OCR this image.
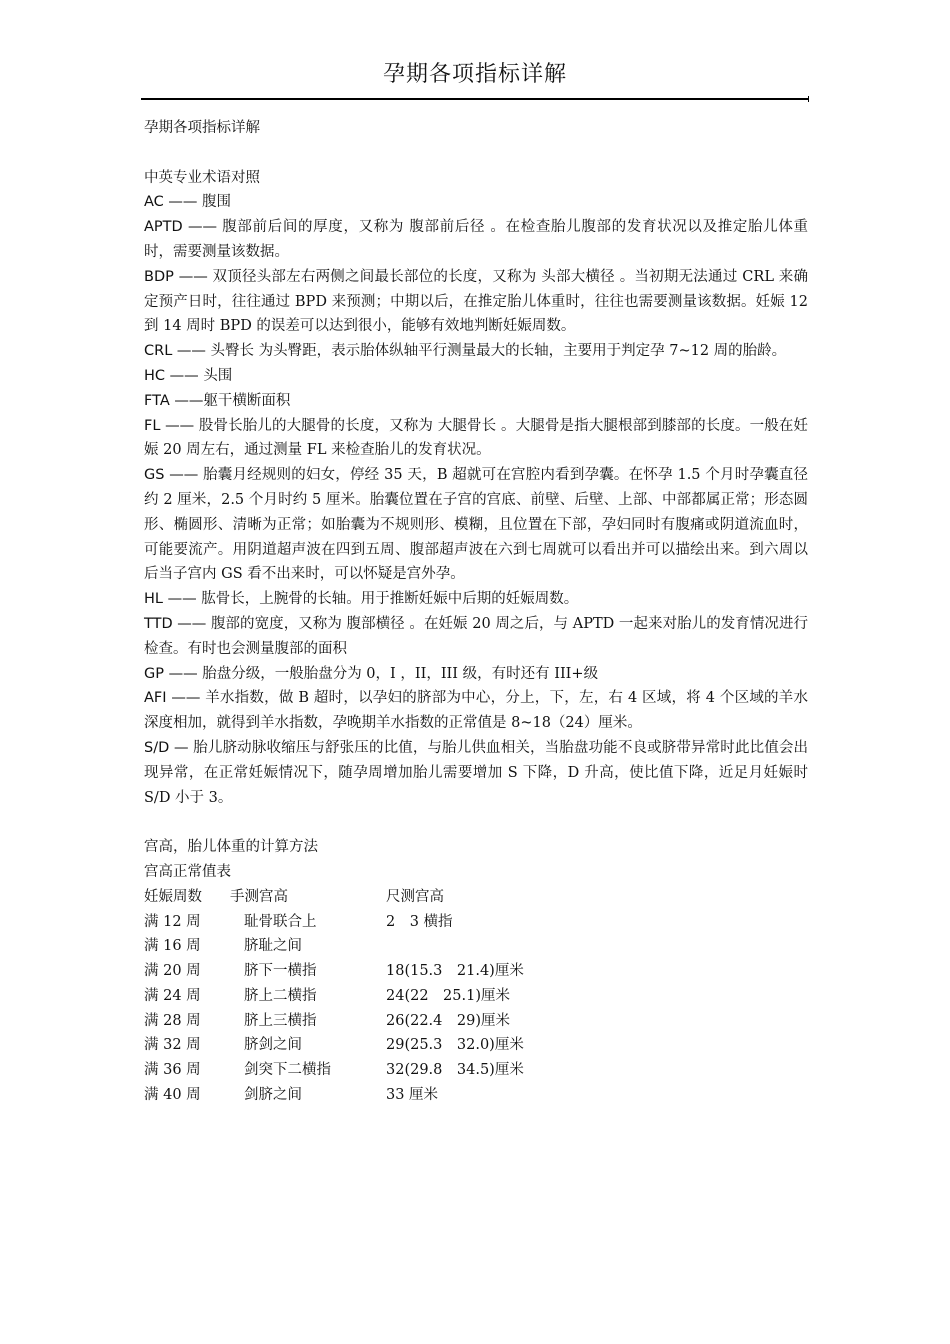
孕期各项指标详解

孕期各项指标详解

中英专业术语对照

AC —— 腹围

APTD —— 腹部前后间的厚度，又称为 腹部前后径 。在检查胎儿腹部的发育状况以及推定胎儿体重时，需要测量该数据。

BDP —— 双顶径头部左右两侧之间最长部位的长度，又称为 头部大横径 。当初期无法通过 CRL 来确定预产日时，往往通过 BPD 来预测；中期以后，在推定胎儿体重时，往往也需要测量该数据。妊娠 12 到 14 周时 BPD 的误差可以达到很小，能够有效地判断妊娠周数。

CRL —— 头臀长 为头臀距，表示胎体纵轴平行测量最大的长轴，主要用于判定孕 7~12 周的胎龄。

HC —— 头围

FTA ——躯干横断面积

FL —— 股骨长胎儿的大腿骨的长度，又称为 大腿骨长 。大腿骨是指大腿根部到膝部的长度。一般在妊娠 20 周左右，通过测量 FL 来检查胎儿的发育状况。

GS —— 胎囊月经规则的妇女，停经 35 天，B 超就可在宫腔内看到孕囊。在怀孕 1.5 个月时孕囊直径约 2 厘米，2.5 个月时约 5 厘米。胎囊位置在子宫的宫底、前壁、后壁、上部、中部都属正常；形态圆形、椭圆形、清晰为正常；如胎囊为不规则形、模糊，且位置在下部，孕妇同时有腹痛或阴道流血时，可能要流产。用阴道超声波在四到五周、腹部超声波在六到七周就可以看出并可以描绘出来。到六周以后当子宫内 GS 看不出来时，可以怀疑是宫外孕。

HL —— 肱骨长，上腕骨的长轴。用于推断妊娠中后期的妊娠周数。

TTD —— 腹部的宽度，又称为 腹部横径 。在妊娠 20 周之后，与 APTD 一起来对胎儿的发育情况进行检查。有时也会测量腹部的面积

GP —— 胎盘分级，一般胎盘分为 0，I ，II，III 级，有时还有 III+级

AFI —— 羊水指数，做 B 超时，以孕妇的脐部为中心，分上，下，左，右 4 区域，将 4 个区域的羊水深度相加，就得到羊水指数，孕晚期羊水指数的正常值是 8~18（24）厘米。

S/D — 胎儿脐动脉收缩压与舒张压的比值，与胎儿供血相关，当胎盘功能不良或脐带异常时此比值会出现异常，在正常妊娠情况下，随孕周增加胎儿需要增加 S 下降，D 升高，使比值下降，近足月妊娠时 S/D 小于 3。

宫高，胎儿体重的计算方法

宫高正常值表

妊娠周数	手测宫高	尺测宫高
满 12 周	耻骨联合上	2　3 横指
满 16 周	脐耻之间	
满 20 周	脐下一横指	18(15.3　21.4)厘米
满 24 周	脐上二横指	24(22　25.1)厘米
满 28 周	脐上三横指	26(22.4　29)厘米
满 32 周	脐剑之间	29(25.3　32.0)厘米
满 36 周	剑突下二横指	32(29.8　34.5)厘米
满 40 周	剑脐之间	33 厘米
